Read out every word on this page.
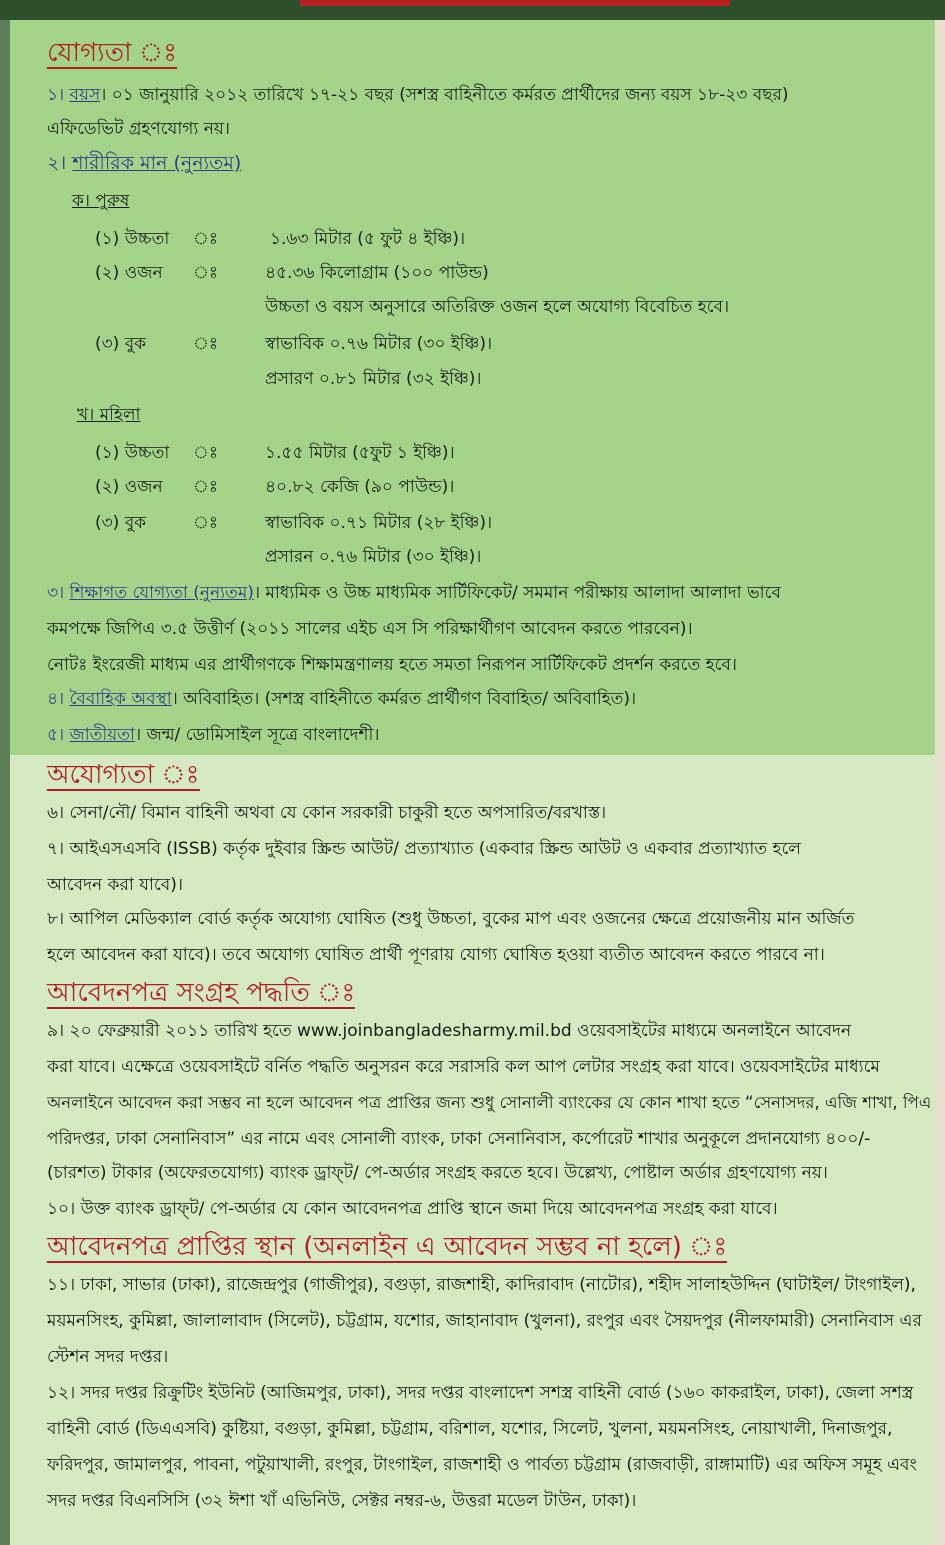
যোগ্যতা ঃ
১। বয়স। ০১ জানুয়ারি ২০১২ তারিখে ১৭-২১ বছর (সশস্ত্র বাহিনীতে কর্মরত প্রার্থীদের জন্য বয়স ১৮-২৩ বছর)
এফিডেভিট গ্রহণযোগ্য নয়।
২। শারীরিক মান (নুন্যতম)
ক। পুরুষ
(১) উচ্চতা ঃ	১.৬৩ মিটার (৫ ফুট ৪ ইঞ্চি)।
(২) ওজন ঃ	৪৫.৩৬ কিলোগ্রাম (১০০ পাউন্ড)
উচ্চতা ও বয়স অনুসারে অতিরিক্ত ওজন হলে অযোগ্য বিবেচিত হবে।
(৩) বুক	ঃ	স্বাভাবিক ০.৭৬ মিটার (৩০ ইঞ্চি)।
প্রসারণ ০.৮১ মিটার (৩২ ইঞ্চি)।
খ। মহিলা
(১) উচ্চতা ঃ	১.৫৫ মিটার (৫ফুট ১ ইঞ্চি)।
(২) ওজন ঃ	৪০.৮২ কেজি (৯০ পাউন্ড)।
(৩) বুক	ঃ	স্বাভাবিক ০.৭১ মিটার (২৮ ইঞ্চি)।
প্রসারন ০.৭৬ মিটার (৩০ ইঞ্চি)।
৩। শিক্ষাগত যোগ্যতা (নুন্যতম)। মাধ্যমিক ও উচ্চ মাধ্যমিক সার্টিফিকেট/ সমমান পরীক্ষায় আলাদা আলাদা ভাবে
কমপক্ষে জিপিএ ৩.৫ উত্তীর্ণ (২০১১ সালের এইচ এস সি পরিক্ষার্থীগণ আবেদন করতে পারবেন)।
নোটঃ ইংরেজী মাধ্যম এর প্রার্থীগণকে শিক্ষামন্ত্রণালয় হতে সমতা নিরূপন সার্টিফিকেট প্রদর্শন করতে হবে।
৪। বৈবাহিক অবস্থা। অবিবাহিত। (সশস্ত্র বাহিনীতে কর্মরত প্রার্থীগণ বিবাহিত/ অবিবাহিত)।
৫। জাতীয়তা। জন্ম/ ডোমিসাইল সূত্রে বাংলাদেশী।
অযোগ্যতা ঃ
৬। সেনা/নৌ/ বিমান বাহিনী অথবা যে কোন সরকারী চাকুরী হতে অপসারিত/বরখাস্ত।
৭। আইএসএসবি (ISSB) কর্তৃক দুইবার স্ক্রিন্ড আউট/ প্রত্যাখ্যাত (একবার স্ক্রিন্ড আউট ও একবার প্রত্যাখ্যাত হলে
আবেদন করা যাবে)।
৮। আপিল মেডিক্যাল বোর্ড কর্তৃক অযোগ্য ঘোষিত (শুধু উচ্চতা, বুকের মাপ এবং ওজনের ক্ষেত্রে প্রয়োজনীয় মান অর্জিত
হলে আবেদন করা যাবে)। তবে অযোগ্য ঘোষিত প্রার্থী পূণরায় যোগ্য ঘোষিত হওয়া ব্যতীত আবেদন করতে পারবে না।
আবেদনপত্র সংগ্রহ পদ্ধতি ঃ
৯। ২০ ফেব্রুয়ারী ২০১১ তারিখ হতে www.joinbangladesharmy.mil.bd ওয়েবসাইটের মাধ্যমে অনলাইনে আবেদন
করা যাবে। এক্ষেত্রে ওয়েবসাইটে বর্নিত পদ্ধতি অনুসরন করে সরাসরি কল আপ লেটার সংগ্রহ করা যাবে। ওয়েবসাইটের মাধ্যমে
অনলাইনে আবেদন করা সম্ভব না হলে আবেদন পত্র প্রাপ্তির জন্য শুধু সোনালী ব্যাংকের যে কোন শাখা হতে “সেনাসদর, এজি শাখা, পিএ
পরিদপ্তর, ঢাকা সেনানিবাস” এর নামে এবং সোনালী ব্যাংক, ঢাকা সেনানিবাস, কর্পোরেট শাখার অনুকূলে প্রদানযোগ্য ৪০০/-
(চারশত) টাকার (অফেরতযোগ্য) ব্যাংক ড্রাফ্‌ট/ পে-অর্ডার সংগ্রহ করতে হবে। উল্লেখ্য, পোষ্টাল অর্ডার গ্রহণযোগ্য নয়।
১০। উক্ত ব্যাংক ড্রাফ্‌ট/ পে-অর্ডার যে কোন আবেদনপত্র প্রাপ্তি স্থানে জমা দিয়ে আবেদনপত্র সংগ্রহ করা যাবে।
আবেদনপত্র প্রাপ্তির স্থান (অনলাইন এ আবেদন সম্ভব না হলে) ঃ
১১। ঢাকা, সাভার (ঢাকা), রাজেন্দ্রপুর (গাজীপুর), বগুড়া, রাজশাহী, কাদিরাবাদ (নাটোর), শহীদ সালাহউদ্দিন (ঘাটাইল/ টাংগাইল),
ময়মনসিংহ, কুমিল্লা, জালালাবাদ (সিলেট), চট্টগ্রাম, যশোর, জাহানাবাদ (খুলনা), রংপুর এবং সৈয়দপুর (নীলফামারী) সেনানিবাস এর
স্টেশন সদর দপ্তর।
১২। সদর দপ্তর রিক্রুটিং ইউনিট (আজিমপুর, ঢাকা), সদর দপ্তর বাংলাদেশ সশস্ত্র বাহিনী বোর্ড (১৬০ কাকরাইল, ঢাকা), জেলা সশস্ত্র
বাহিনী বোর্ড (ডিএএসবি) কুষ্টিয়া, বগুড়া, কুমিল্লা, চট্টগ্রাম, বরিশাল, যশোর, সিলেট, খুলনা, ময়মনসিংহ, নোয়াখালী, দিনাজপুর,
ফরিদপুর, জামালপুর, পাবনা, পটুয়াখালী, রংপুর, টাংগাইল, রাজশাহী ও পার্বত্য চট্টগ্রাম (রাজবাড়ী, রাঙ্গামাটি) এর অফিস সমূহ এবং
সদর দপ্তর বিএনসিসি (৩২ ঈশা খাঁ এভিনিউ, সেক্টর নম্বর-৬, উত্তরা মডেল টাউন, ঢাকা)।
